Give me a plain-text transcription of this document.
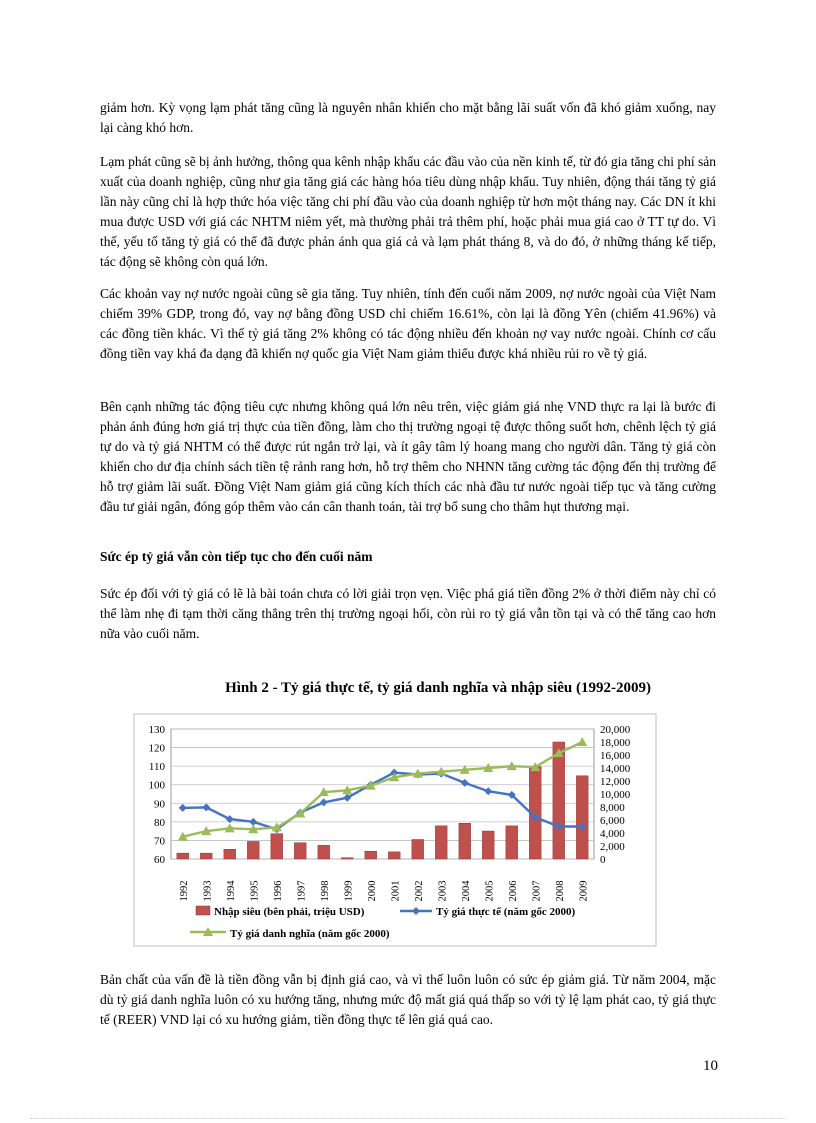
giảm hơn. Kỳ vọng lạm phát tăng cũng là nguyên nhân khiến cho mặt bằng lãi suất vốn đã khó giảm xuống, nay lại càng khó hơn.

Lạm phát cũng sẽ bị ảnh hưởng, thông qua kênh nhập khẩu các đầu vào của nền kinh tế, từ đó gia tăng chi phí sản xuất của doanh nghiệp, cũng như gia tăng giá các hàng hóa tiêu dùng nhập khẩu. Tuy nhiên, động thái tăng tỷ giá lần này cũng chỉ là hợp thức hóa việc tăng chi phí đầu vào của doanh nghiệp từ hơn một tháng nay. Các DN ít khi mua được USD với giá các NHTM niêm yết, mà thường phải trả thêm phí, hoặc phải mua giá cao ở TT tự do. Vì thế, yếu tố tăng tỷ giá có thể đã được phản ánh qua giá cả và lạm phát tháng 8, và do đó, ở những tháng kế tiếp, tác động sẽ không còn quá lớn.

Các khoản vay nợ nước ngoài cũng sẽ gia tăng. Tuy nhiên, tính đến cuối năm 2009, nợ nước ngoài của Việt Nam chiếm 39% GDP, trong đó, vay nợ bằng đồng USD chỉ chiếm 16.61%, còn lại là đồng Yên (chiếm 41.96%) và các đồng tiền khác. Vì thế tỷ giá tăng 2% không có tác động nhiều đến khoản nợ vay nước ngoài. Chính cơ cấu đồng tiền vay khá đa dạng đã khiến nợ quốc gia Việt Nam giảm thiểu được khá nhiều rủi ro về tỷ giá.

Bên cạnh những tác động tiêu cực nhưng không quá lớn nêu trên, việc giảm giá nhẹ VND thực ra lại là bước đi phản ánh đúng hơn giá trị thực của tiền đồng, làm cho thị trường ngoại tệ được thông suốt hơn, chênh lệch tỷ giá tự do và tỷ giá NHTM có thể được rút ngắn trở lại, và ít gây tâm lý hoang mang cho người dân. Tăng tỷ giá còn khiến cho dư địa chính sách tiền tệ rảnh rang hơn, hỗ trợ thêm cho NHNN tăng cường tác động đến thị trường để hỗ trợ giảm lãi suất. Đồng Việt Nam giảm giá cũng kích thích các nhà đầu tư nước ngoài tiếp tục và tăng cường đầu tư giải ngân, đóng góp thêm vào cán cân thanh toán, tài trợ bổ sung cho thâm hụt thương mại.

Sức ép tỷ giá vẫn còn tiếp tục cho đến cuối năm

Sức ép đối với tỷ giá có lẽ là bài toán chưa có lời giải trọn vẹn. Việc phá giá tiền đồng 2% ở thời điểm này chỉ có thể làm nhẹ đi tạm thời căng thẳng trên thị trường ngoại hối, còn rủi ro tỷ giá vẫn tồn tại và có thể tăng cao hơn nữa vào cuối năm.

Hình 2 - Tỷ giá thực tế, tỷ giá danh nghĩa và nhập siêu (1992-2009)

60
70
80
90
100
110
120
130
0
2,000
4,000
6,000
8,000
10,000
12,000
14,000
16,000
18,000
20,000
1992 1993 1994 1995 1996 1997 1998 1999 2000 2001 2002 2003 2004 2005 2006 2007 2008 2009
Nhập siêu (bên phải, triệu USD)	Tỷ giá thực tế (năm gốc 2000)
Tỷ giá danh nghĩa (năm gốc 2000)

Bản chất của vấn đề là tiền đồng vẫn bị định giá cao, và vì thế luôn luôn có sức ép giảm giá. Từ năm 2004, mặc dù tỷ giá danh nghĩa luôn có xu hướng tăng, nhưng mức độ mất giá quá thấp so với tỷ lệ lạm phát cao, tỷ giá thực tế (REER) VND lại có xu hướng giảm, tiền đồng thực tế lên giá quá cao.

10
